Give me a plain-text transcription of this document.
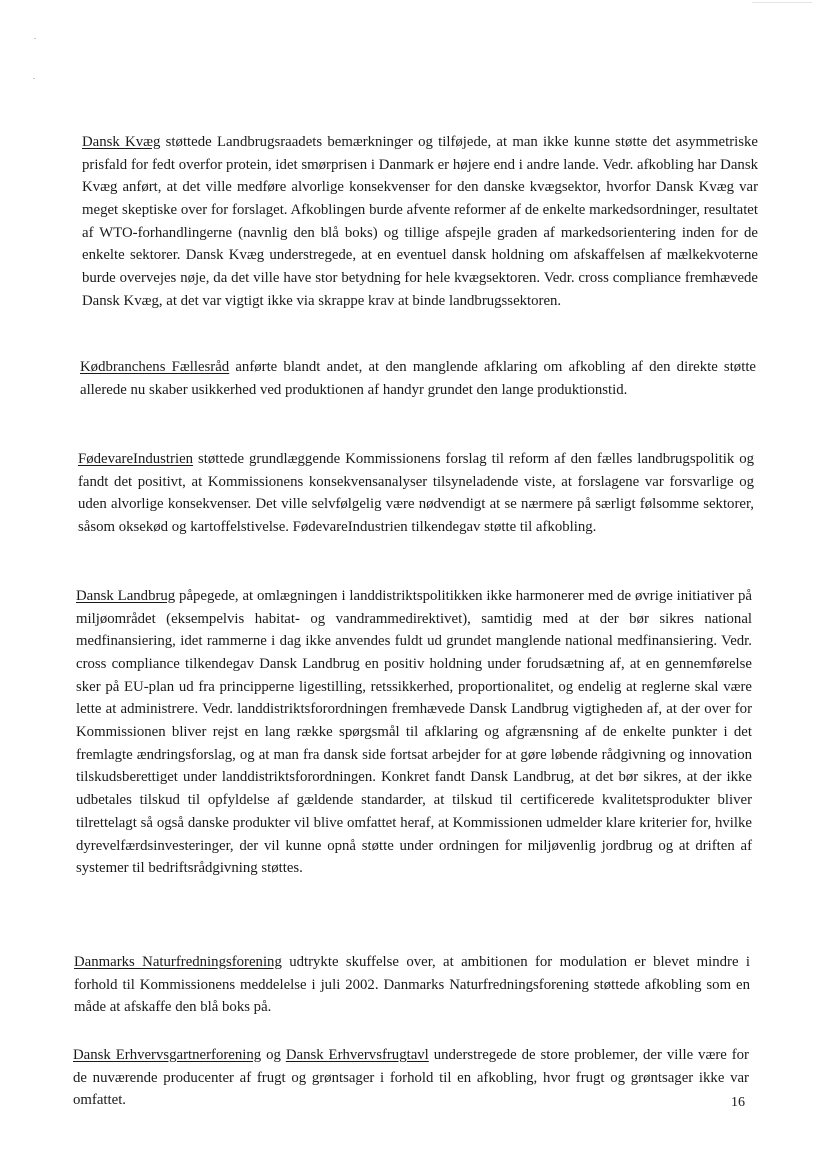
Dansk Kvæg støttede Landbrugsraadets bemærkninger og tilføjede, at man ikke kunne støtte det asymmetriske prisfald for fedt overfor protein, idet smørprisen i Danmark er højere end i andre lande. Vedr. afkobling har Dansk Kvæg anført, at det ville medføre alvorlige konsekvenser for den danske kvægsektor, hvorfor Dansk Kvæg var meget skeptiske over for forslaget. Afkoblingen burde afvente reformer af de enkelte markedsordninger, resultatet af WTO-forhandlingerne (navnlig den blå boks) og tillige afspejle graden af markedsorientering inden for de enkelte sektorer. Dansk Kvæg understregede, at en eventuel dansk holdning om afskaffelsen af mælkekvoterne burde overvejes nøje, da det ville have stor betydning for hele kvægsektoren. Vedr. cross compliance fremhævede Dansk Kvæg, at det var vigtigt ikke via skrappe krav at binde landbrugssektoren.

Kødbranchens Fællesråd anførte blandt andet, at den manglende afklaring om afkobling af den direkte støtte allerede nu skaber usikkerhed ved produktionen af handyr grundet den lange produktionstid.

FødevareIndustrien støttede grundlæggende Kommissionens forslag til reform af den fælles landbrugspolitik og fandt det positivt, at Kommissionens konsekvensanalyser tilsyneladende viste, at forslagene var forsvarlige og uden alvorlige konsekvenser. Det ville selvfølgelig være nødvendigt at se nærmere på særligt følsomme sektorer, såsom oksekød og kartoffelstivelse. FødevareIndustrien tilkendegav støtte til afkobling.

Dansk Landbrug påpegede, at omlægningen i landdistriktspolitikken ikke harmonerer med de øvrige initiativer på miljøområdet (eksempelvis habitat- og vandrammedirektivet), samtidig med at der bør sikres national medfinansiering, idet rammerne i dag ikke anvendes fuldt ud grundet manglende national medfinansiering. Vedr. cross compliance tilkendegav Dansk Landbrug en positiv holdning under forudsætning af, at en gennemførelse sker på EU-plan ud fra principperne ligestilling, retssikkerhed, proportionalitet, og endelig at reglerne skal være lette at administrere. Vedr. landdistriktsforordningen fremhævede Dansk Landbrug vigtigheden af, at der over for Kommissionen bliver rejst en lang række spørgsmål til afklaring og afgrænsning af de enkelte punkter i det fremlagte ændringsforslag, og at man fra dansk side fortsat arbejder for at gøre løbende rådgivning og innovation tilskudsberettiget under landdistriktsforordningen. Konkret fandt Dansk Landbrug, at det bør sikres, at der ikke udbetales tilskud til opfyldelse af gældende standarder, at tilskud til certificerede kvalitetsprodukter bliver tilrettelagt så også danske produkter vil blive omfattet heraf, at Kommissionen udmelder klare kriterier for, hvilke dyrevelfærdsinvesteringer, der vil kunne opnå støtte under ordningen for miljøvenlig jordbrug og at driften af systemer til bedriftsrådgivning støttes.

Danmarks Naturfredningsforening udtrykte skuffelse over, at ambitionen for modulation er blevet mindre i forhold til Kommissionens meddelelse i juli 2002. Danmarks Naturfredningsforening støttede afkobling som en måde at afskaffe den blå boks på.

Dansk Erhvervsgartnerforening og Dansk Erhvervsfrugtavl understregede de store problemer, der ville være for de nuværende producenter af frugt og grøntsager i forhold til en afkobling, hvor frugt og grøntsager ikke var omfattet.	16
